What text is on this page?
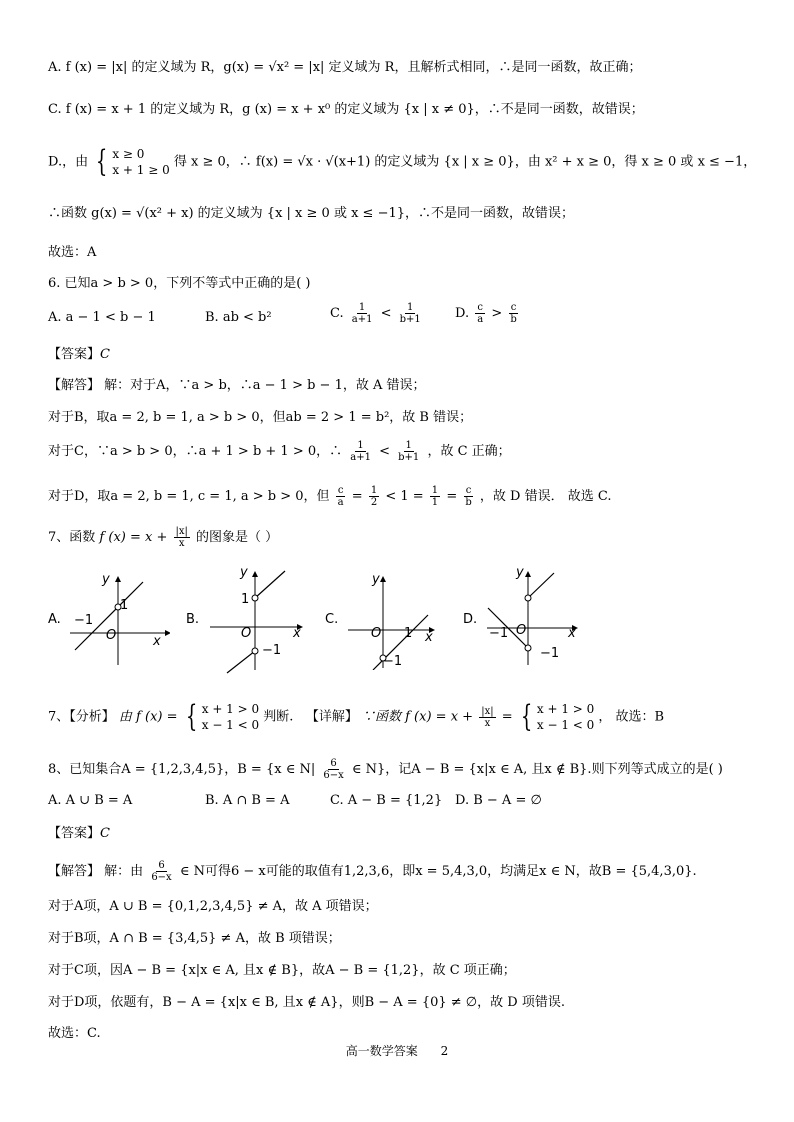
A. f (x) = |x| 的定义域为 R，g(x) = √x² = |x| 定义域为 R，且解析式相同，∴是同一函数，故正确；
C. f (x) = x + 1 的定义域为 R，g (x) = x + x⁰ 的定义域为 {x | x ≠ 0}，∴不是同一函数，故错误；
D.，由 { x ≥ 0
x + 1 ≥ 0
得 x ≥ 0，∴ f(x) = √x · √(x+1) 的定义域为 {x | x ≥ 0}，由 x² + x ≥ 0，得 x ≥ 0 或 x ≤ −1，
∴函数 g(x) = √(x² + x) 的定义域为 {x | x ≥ 0 或 x ≤ −1}，∴不是同一函数，故错误；
故选：A
6. 已知a > b > 0，下列不等式中正确的是( )
A. a − 1 < b − 1	B. ab < b²	C. $\frac{1}{a+1} < \frac{1}{b+1} D$. $\frac{c}{a} > \frac{c}{b}$
【答案】C
【解答】 解：对于A，∵a > b，∴a − 1 > b − 1，故 A 错误；
对于B，取a = 2, b = 1, a > b > 0，但ab = 2 > 1 = b²，故 B 错误；
对于C，∵a > b > 0，∴a + 1 > b + 1 > 0，∴ $\frac{1}{a+1} < \frac{1}{b+1}$ ，故 C 正确；
对于D，取a = 2, b = 1, c = 1, a > b > 0，但 $\frac{c}{a} = \frac{1}{2} < 1 = \frac{1}{1} = \frac{c}{b}$ ，故 D 错误． 故选 C.
7、函数 f $(x) = x + \frac{|x|}{x}$ 的图象是（ ）
A.
y
x
O
−1
1
B.
y
x
O
1
−1
C.
y
x
O 1
−1
D.
y
x
O
−1
−1
7、【分析】 由 f (x) = { x + 1 > 0
x − 1 < 0
判断. 【详解】 ∵函数 f $(x) = x + \frac{|x|}{x}$ = { x + 1 > 0
x − 1 < 0
， 故选：B
8、已知集合A = {1,2,3,4,5}，B = {x ∈ $N| \frac{6}{6-x}$ ∈ N}，记A − B = {x|x ∈ A, 且x ∉ B}.则下列等式成立的是( )
A. A ∪ B = A	B. A ∩ B = A	C. A − B = {1,2} D. B − A = ∅
【答案】C
【解答】 解：由 $\frac{6}{6-x}$ ∈ N可得6 − x可能的取值有1,2,3,6，即x = 5,4,3,0，均满足x ∈ N，故B = {5,4,3,0}.
对于A项，A ∪ B = {0,1,2,3,4,5} ≠ A，故 A 项错误；
对于B项，A ∩ B = {3,4,5} ≠ A，故 B 项错误；
对于C项，因A − B = {x|x ∈ A, 且x ∉ B}，故A − B = {1,2}，故 C 项正确；
对于D项，依题有，B − A = {x|x ∈ B, 且x ∉ A}，则B − A = {0} ≠ ∅，故 D 项错误.
故选：C.
高一数学答案 2
